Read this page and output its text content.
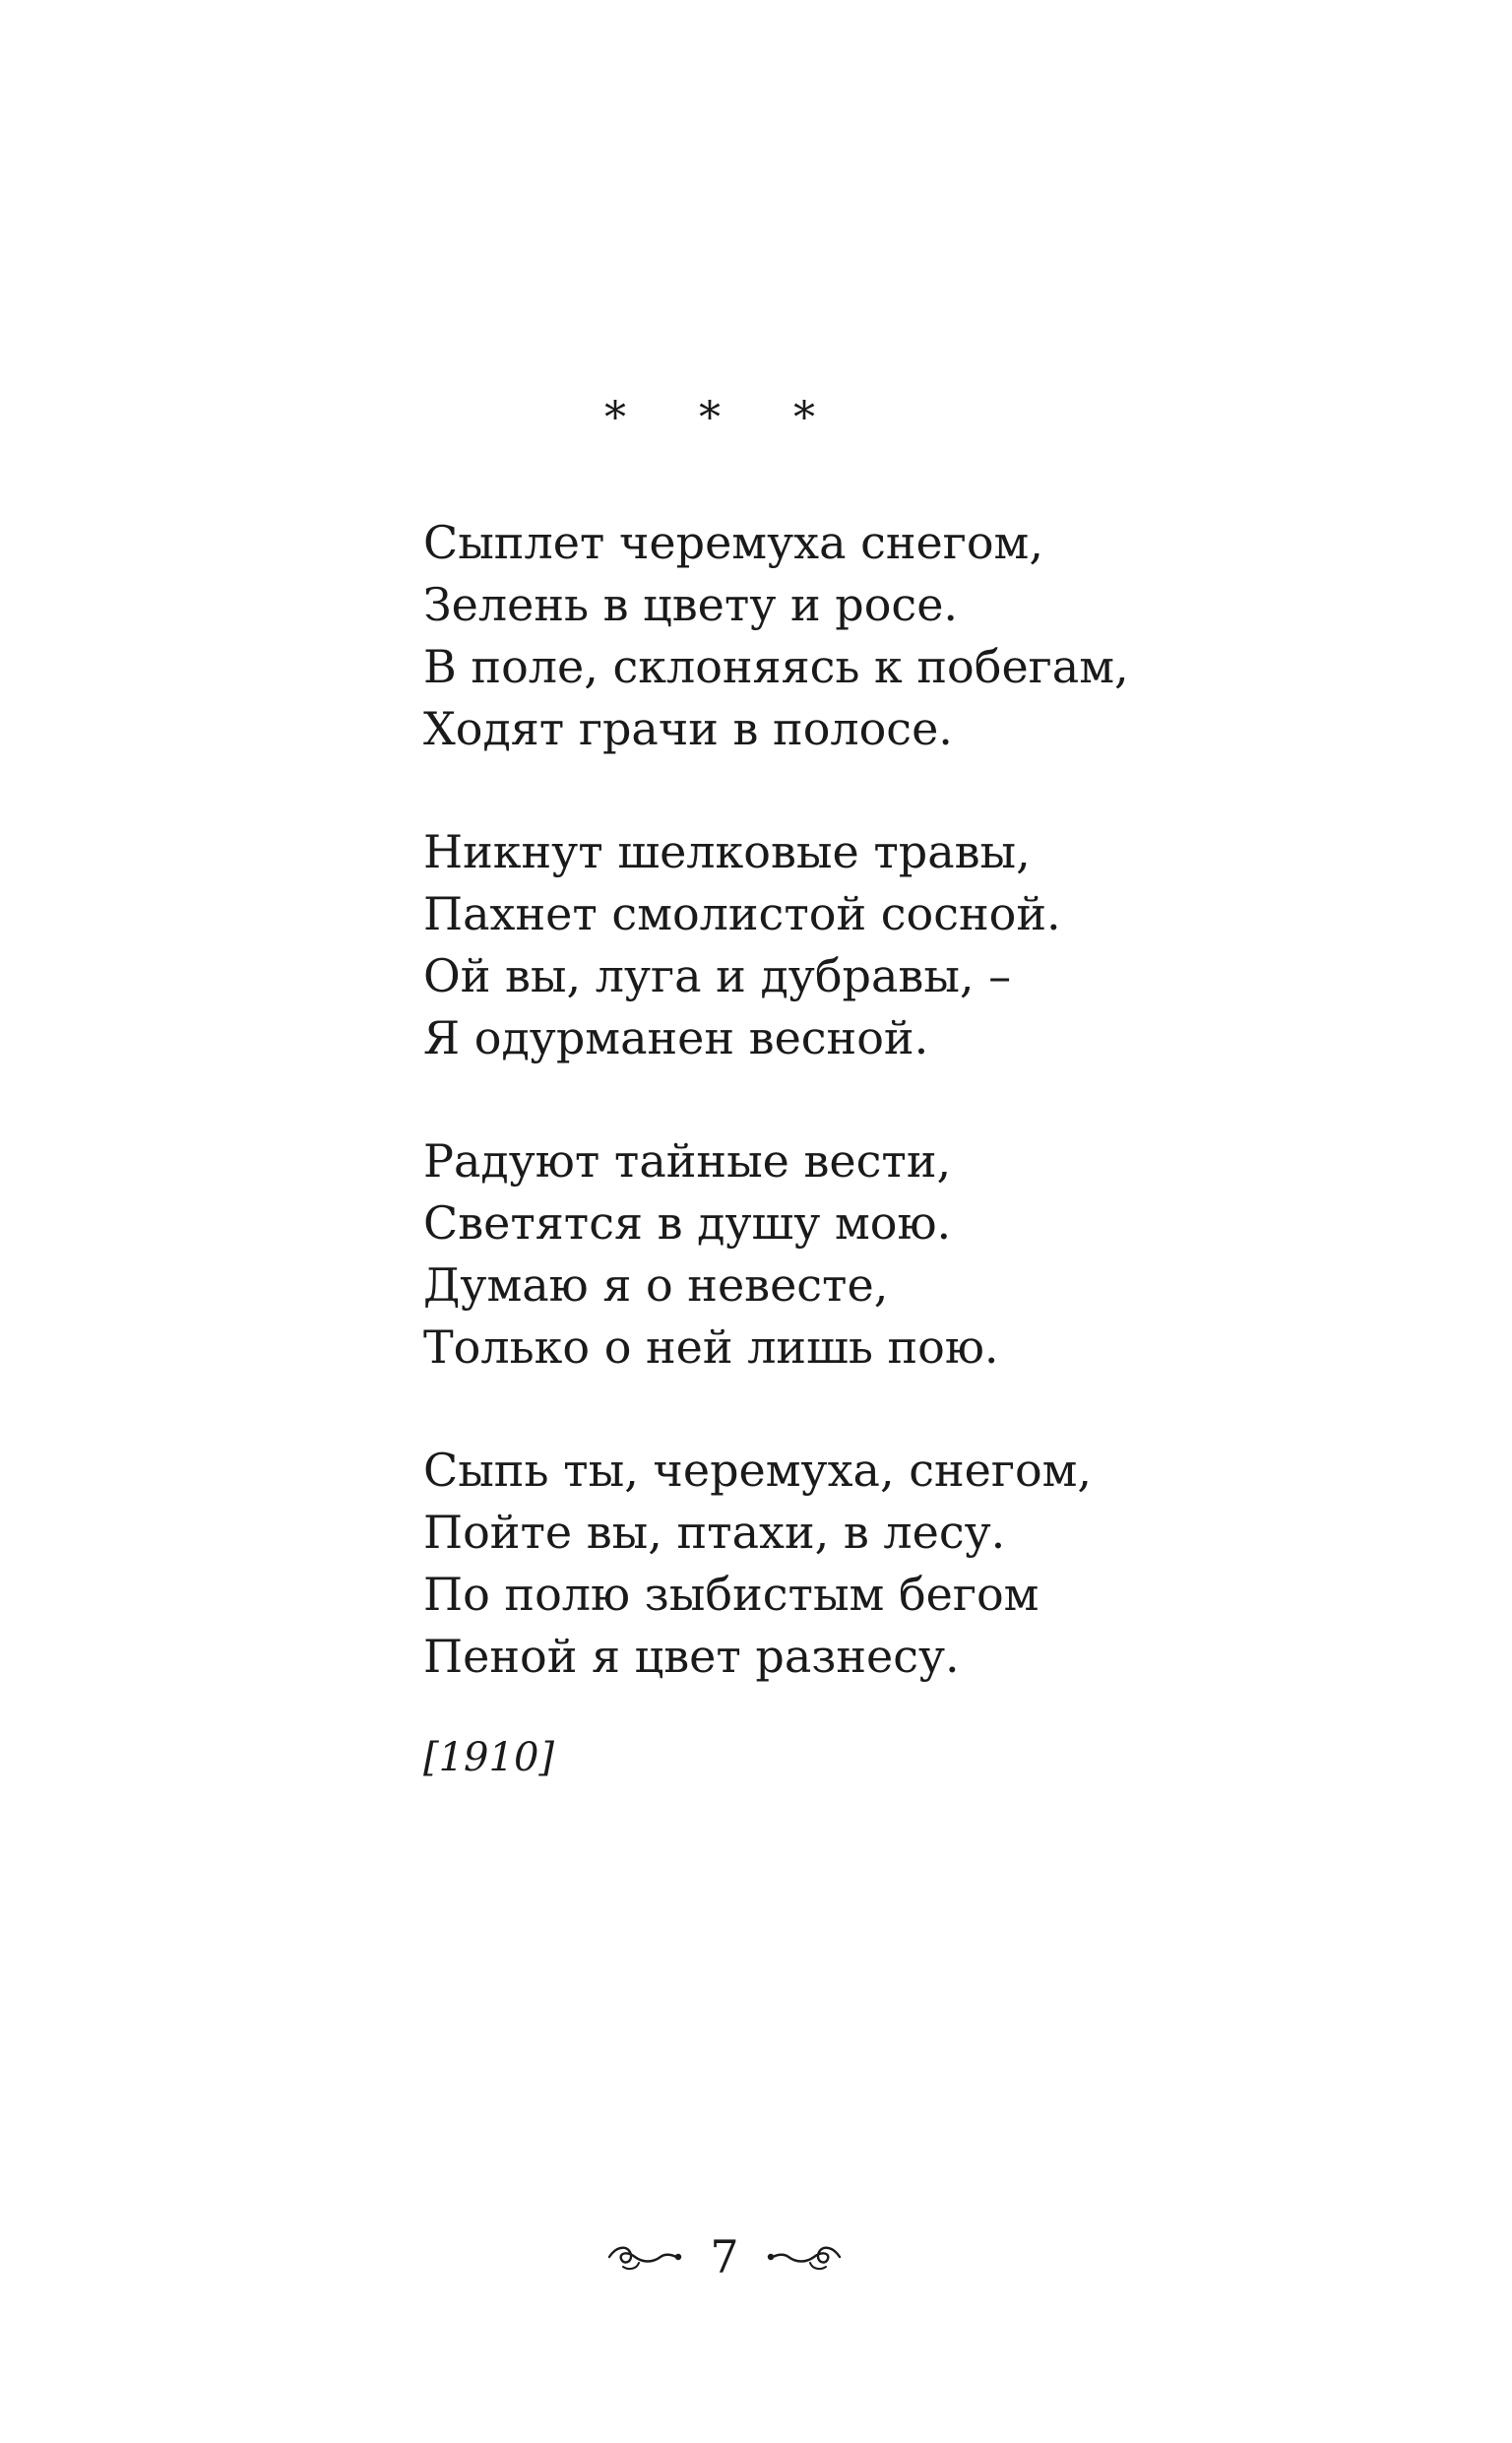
* * *
Сыплет черемуха снегом,
Зелень в цвету и росе.
В поле, склоняясь к побегам,
Ходят грачи в полосе.
Никнут шелковые травы,
Пахнет смолистой сосной.
Ой вы, луга и дубравы, –
Я одурманен весной.
Радуют тайные вести,
Светятся в душу мою.
Думаю я о невесте,
Только о ней лишь пою.
Сыпь ты, черемуха, снегом,
Пойте вы, птахи, в лесу.
По полю зыбистым бегом
Пеной я цвет разнесу.
[1910]
7
